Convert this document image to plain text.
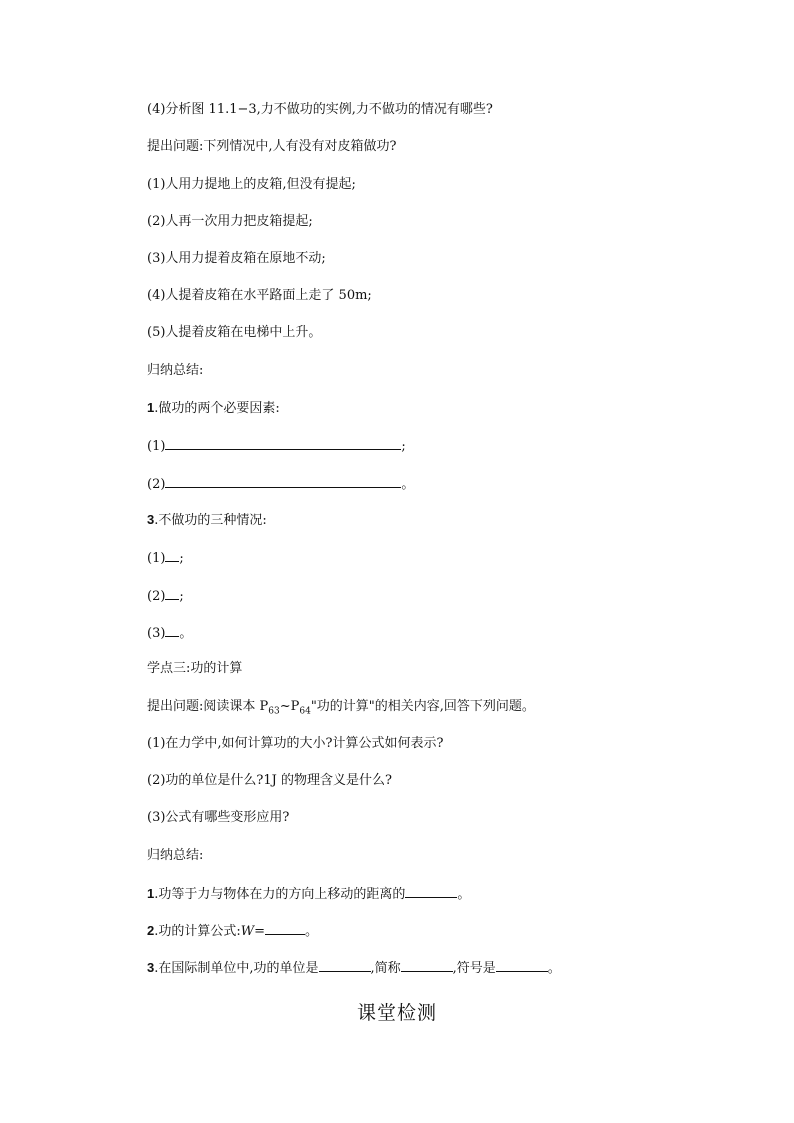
(4)分析图 11.1−3,力不做功的实例,力不做功的情况有哪些?
提出问题:下列情况中,人有没有对皮箱做功?
(1)人用力提地上的皮箱,但没有提起;
(2)人再一次用力把皮箱提起;
(3)人用力提着皮箱在原地不动;
(4)人提着皮箱在水平路面上走了 50m;
(5)人提着皮箱在电梯中上升。
归纳总结:
1.做功的两个必要因素:
(1)	;
(2)	。
3.不做功的三种情况:
(1) ;
(2) ;
(3) 。
学点三:功的计算
提出问题:阅读课本 $P_{63}\sim P_{64}$"功的计算"的相关内容,回答下列问题。
(1)在力学中,如何计算功的大小?计算公式如何表示?
(2)功的单位是什么?1J 的物理含义是什么?
(3)公式有哪些变形应用?
归纳总结:
1.功等于力与物体在力的方向上移动的距离的	。
2.功的计算公式:W=	。
3.在国际制单位中,功的单位是	,简称	,符号是	。
课堂检测
